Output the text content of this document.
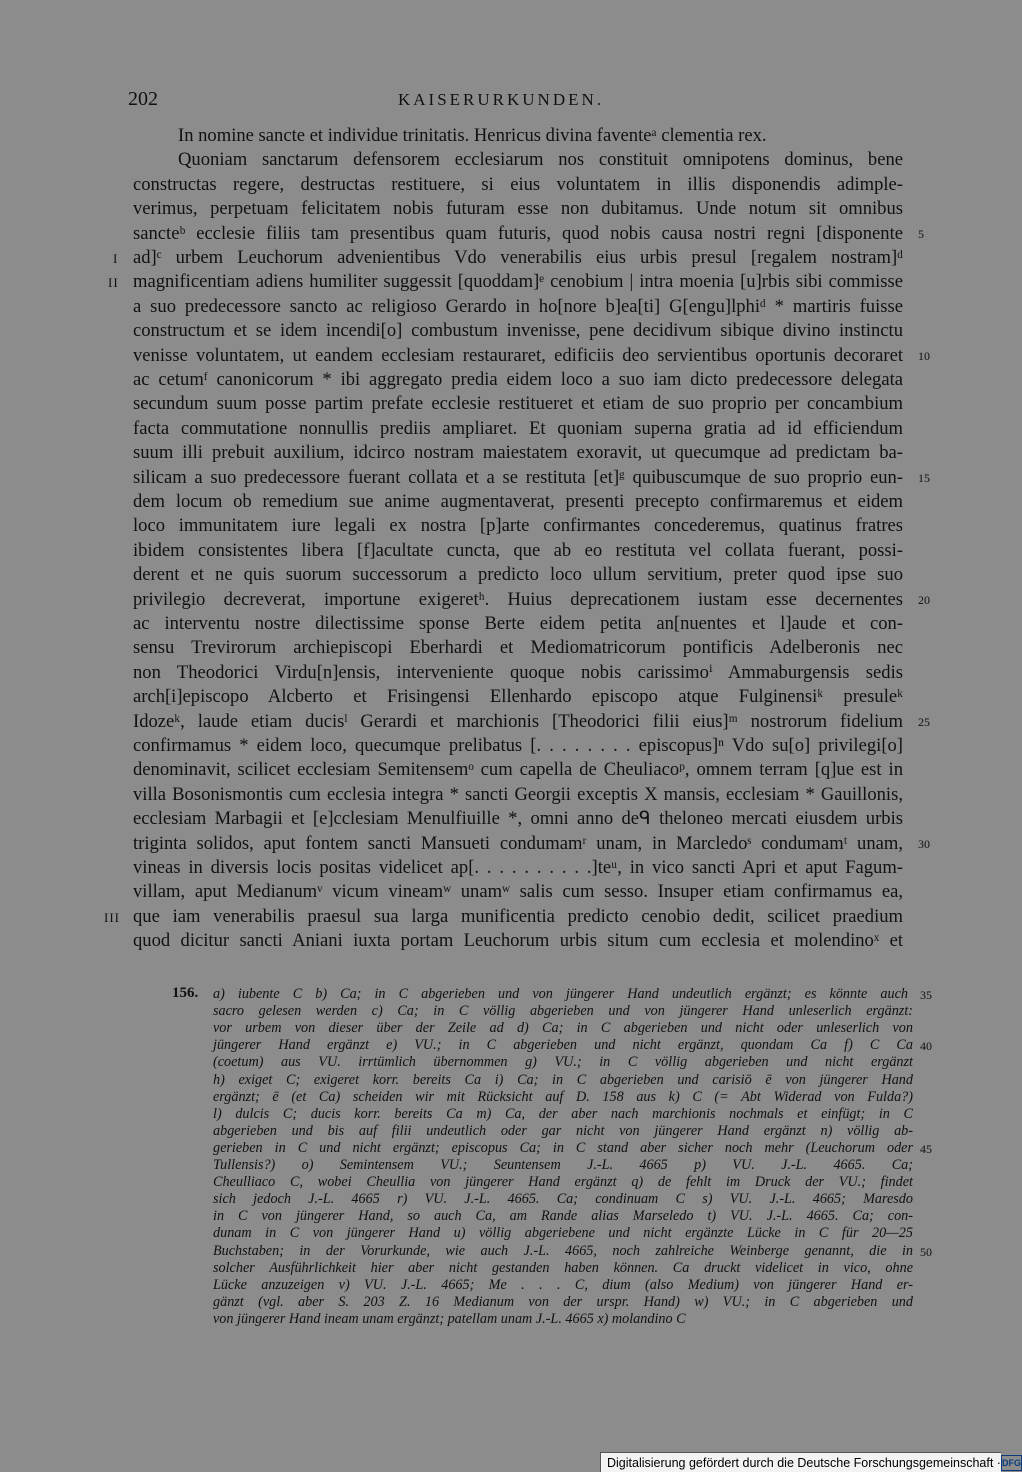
202	KAISERURKUNDEN.
In nomine sancte et individue trinitatis. Henricus divina faventeᵃ clementia rex.
Quoniam sanctarum defensorem ecclesiarum nos constituit omnipotens dominus, bene
constructas regere, destructas restituere, si eius voluntatem in illis disponendis adimple-
verimus, perpetuam felicitatem nobis futuram esse non dubitamus. Unde notum sit omnibus
sancteᵇ ecclesie filiis tam presentibus quam futuris, quod nobis causa nostri regni [disponente 5
ad]ᶜ urbem Leuchorum advenientibus Vdo venerabilis eius urbis presul [regalem nostram]ᵈ
I
magnificentiam adiens humiliter suggessit [quoddam]ᵉ cenobium | intra moenia [u]rbis sibi commisse
II
a suo predecessore sancto ac religioso Gerardo in ho[nore b]ea[ti] G[engu]lphiᵈ * martiris fuisse
constructum et se idem incendi[o] combustum invenisse, pene decidivum sibique divino instinctu
venisse voluntatem, ut eandem ecclesiam restauraret, edificiis deo servientibus oportunis decoraret 10
ac cetumᶠ canonicorum * ibi aggregato predia eidem loco a suo iam dicto predecessore delegata
secundum suum posse partim prefate ecclesie restitueret et etiam de suo proprio per concambium
facta commutatione nonnullis prediis ampliaret. Et quoniam superna gratia ad id efficiendum
suum illi prebuit auxilium, idcirco nostram maiestatem exoravit, ut quecumque ad predictam ba-
silicam a suo predecessore fuerant collata et a se restituta [et]ᵍ quibuscumque de suo proprio eun- 15
dem locum ob remedium sue anime augmentaverat, presenti precepto confirmaremus et eidem
loco immunitatem iure legali ex nostra [p]arte confirmantes concederemus, quatinus fratres
ibidem consistentes libera [f]acultate cuncta, que ab eo restituta vel collata fuerant, possi-
derent et ne quis suorum successorum a predicto loco ullum servitium, preter quod ipse suo
privilegio decreverat, importune exigeretʰ. Huius deprecationem iustam esse decernentes 20
ac interventu nostre dilectissime sponse Berte eidem petita an[nuentes et l]aude et con-
sensu Trevirorum archiepiscopi Eberhardi et Mediomatricorum pontificis Adelberonis nec
non Theodorici Virdu[n]ensis, interveniente quoque nobis carissimoⁱ Ammaburgensis sedis
arch[i]episcopo Alcberto et Frisingensi Ellenhardo episcopo atque Fulginensiᵏ presuleᵏ
Idozeᵏ, laude etiam ducisˡ Gerardi et marchionis [Theodorici filii eius]ᵐ nostrorum fidelium 25
confirmamus * eidem loco, quecumque prelibatus [. . . . . . . . episcopus]ⁿ Vdo su[o] privilegi[o]
denominavit, scilicet ecclesiam Semitensemᵒ cum capella de Cheuliacoᵖ, omnem terram [q]ue est in
villa Bosonismontis cum ecclesia integra * sancti Georgii exceptis X mansis, ecclesiam * Gauillonis,
ecclesiam Marbagii et [e]cclesiam Menulfiuille *, omni anno deᑫ theloneo mercati eiusdem urbis
triginta solidos, aput fontem sancti Mansueti condumamʳ unam, in Marcledoˢ condumamᵗ unam, 30
vineas in diversis locis positas videlicet ap[. . . . . . . . . .]teᵘ, in vico sancti Apri et aput Fagum-
villam, aput Medianumᵛ vicum vineamʷ unamʷ salis cum sesso. Insuper etiam confirmamus ea,
que iam venerabilis praesul sua larga munificentia predicto cenobio dedit, scilicet praedium
III
quod dicitur sancti Aniani iuxta portam Leuchorum urbis situm cum ecclesia et molendinoˣ et
156. a) iubente C b) Ca; in C abgerieben und von jüngerer Hand undeutlich ergänzt; es könnte auch 35
sacro gelesen werden c) Ca; in C völlig abgerieben und von jüngerer Hand unleserlich ergänzt:
vor urbem von dieser über der Zeile ad d) Ca; in C abgerieben und nicht oder unleserlich von
jüngerer Hand ergänzt e) VU.; in C abgerieben und nicht ergänzt, quondam Ca f) C Ca 40
(coetum) aus VU. irrtümlich übernommen g) VU.; in C völlig abgerieben und nicht ergänzt
h) exiget C; exigeret korr. bereits Ca i) Ca; in C abgerieben und carisiō ē von jüngerer Hand
ergänzt; ē (et Ca) scheiden wir mit Rücksicht auf D. 158 aus k) C (= Abt Widerad von Fulda?)
l) dulcis C; ducis korr. bereits Ca m) Ca, der aber nach marchionis nochmals et einfügt; in C
abgerieben und bis auf filii undeutlich oder gar nicht von jüngerer Hand ergänzt n) völlig ab-
gerieben in C und nicht ergänzt; episcopus Ca; in C stand aber sicher noch mehr (Leuchorum oder 45
Tullensis?) o) Semintensem VU.; Seuntensem J.-L. 4665 p) VU. J.-L. 4665. Ca;
Cheulliaco C, wobei Cheullia von jüngerer Hand ergänzt q) de fehlt im Druck der VU.; findet
sich jedoch J.-L. 4665 r) VU. J.-L. 4665. Ca; condinuam C s) VU. J.-L. 4665; Maresdo
in C von jüngerer Hand, so auch Ca, am Rande alias Marseledo t) VU. J.-L. 4665. Ca; con-
dunam in C von jüngerer Hand u) völlig abgeriebene und nicht ergänzte Lücke in C für 20—25
Buchstaben; in der Vorurkunde, wie auch J.-L. 4665, noch zahlreiche Weinberge genannt, die in 50
solcher Ausführlichkeit hier aber nicht gestanden haben können. Ca druckt videlicet in vico, ohne
Lücke anzuzeigen v) VU. J.-L. 4665; Me . . . C, dium (also Medium) von jüngerer Hand er-
gänzt (vgl. aber S. 203 Z. 16 Medianum von der urspr. Hand) w) VU.; in C abgerieben und
von jüngerer Hand ineam unam ergänzt; patellam unam J.-L. 4665 x) molandino C
Digitalisierung gefördert durch die Deutsche Forschungsgemeinschaft · DFG
